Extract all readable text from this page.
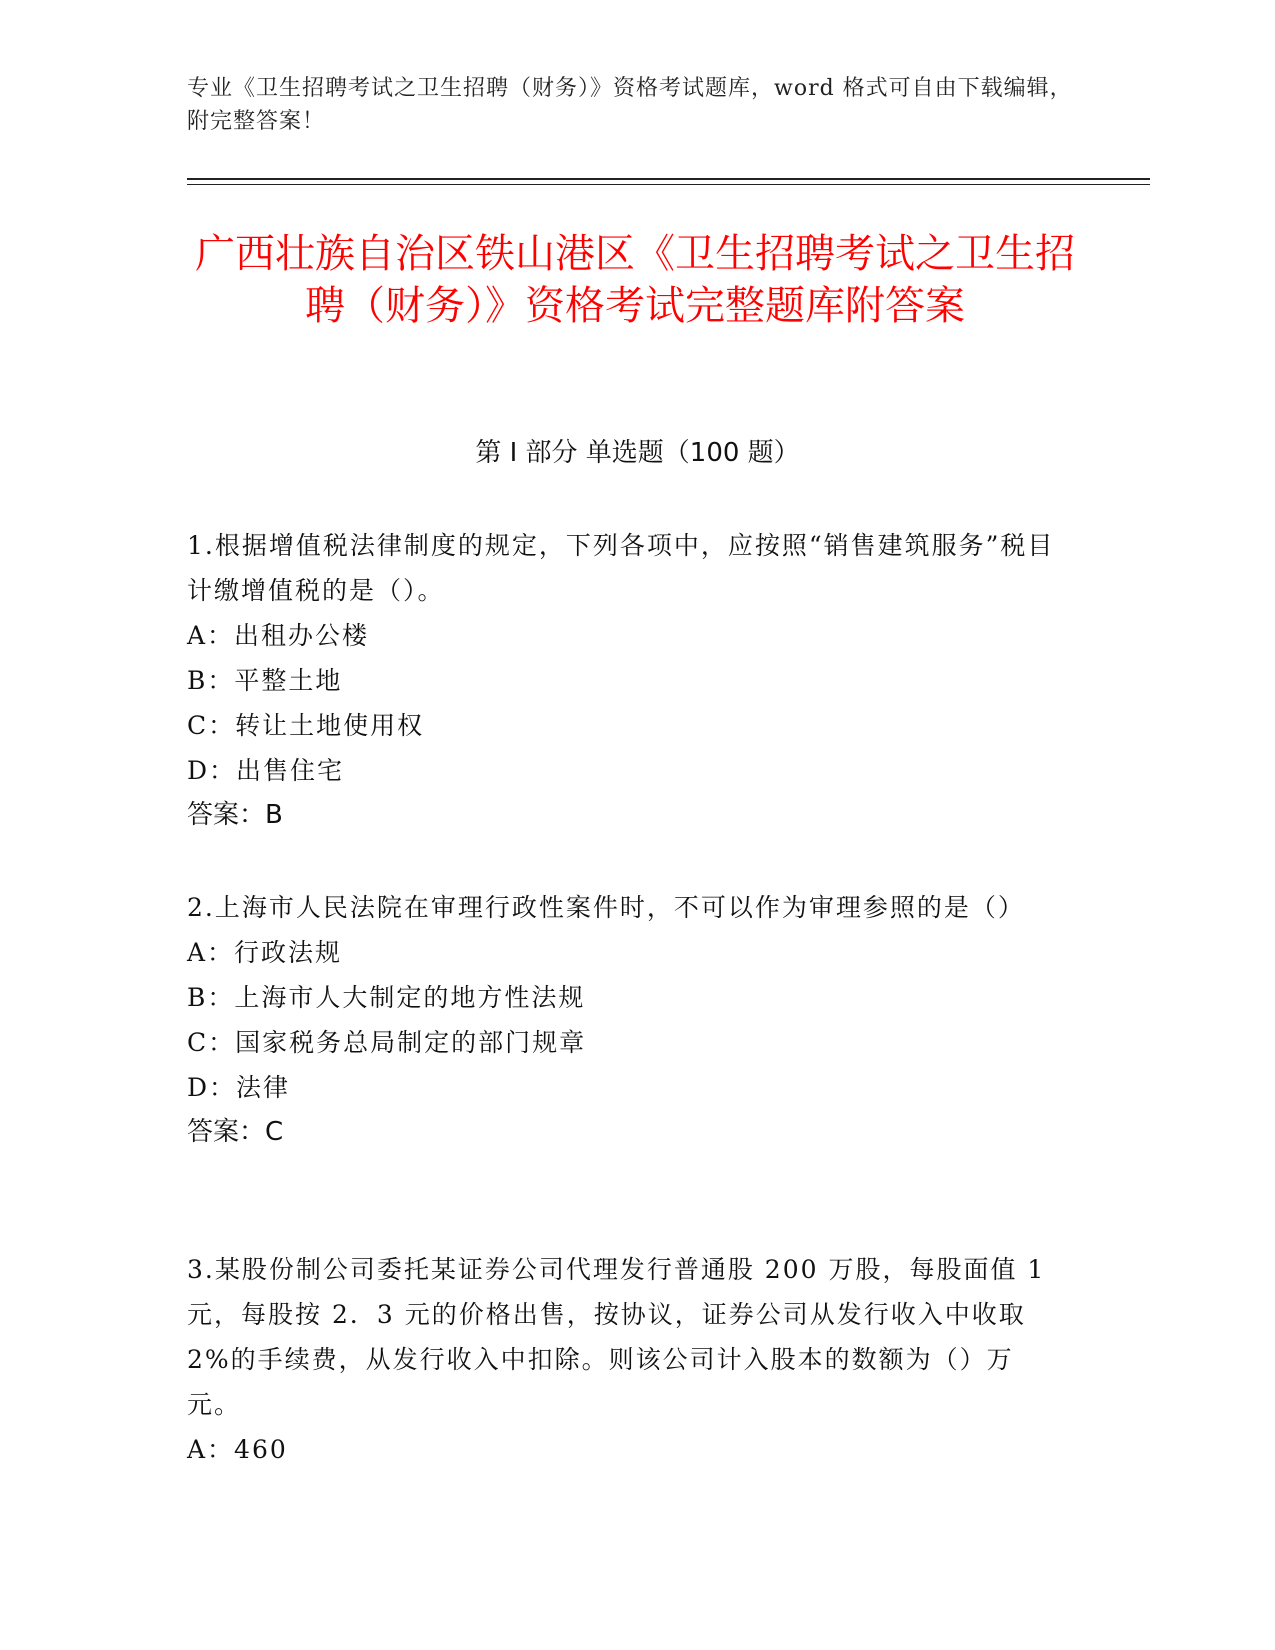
专业《卫生招聘考试之卫生招聘（财务）》资格考试题库，word 格式可自由下载编辑，附完整答案！
广西壮族自治区铁山港区《卫生招聘考试之卫生招聘（财务）》资格考试完整题库附答案
第 I 部分 单选题（100 题）

1.根据增值税法律制度的规定，下列各项中，应按照“销售建筑服务”税目计缴增值税的是（）。

A：出租办公楼

B：平整土地

C：转让土地使用权

D：出售住宅

答案：B

2.上海市人民法院在审理行政性案件时，不可以作为审理参照的是（）

A：行政法规

B：上海市人大制定的地方性法规

C：国家税务总局制定的部门规章

D：法律

答案：C

3.某股份制公司委托某证券公司代理发行普通股 200 万股，每股面值 1 元，每股按 2．3 元的价格出售，按协议，证券公司从发行收入中收取 2%的手续费，从发行收入中扣除。则该公司计入股本的数额为（）万元。

A：460
